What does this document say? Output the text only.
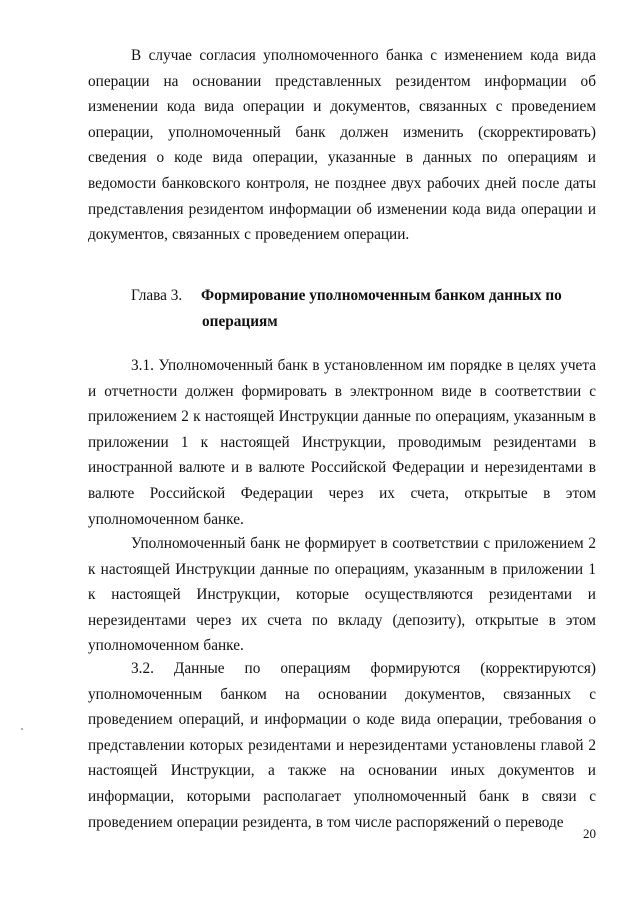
В случае согласия уполномоченного банка с изменением кода вида операции на основании представленных резидентом информации об изменении кода вида операции и документов, связанных с проведением операции, уполномоченный банк должен изменить (скорректировать) сведения о коде вида операции, указанные в данных по операциям и ведомости банковского контроля, не позднее двух рабочих дней после даты представления резидентом информации об изменении кода вида операции и документов, связанных с проведением операции.

Глава 3. Формирование уполномоченным банком данных по
операциям

3.1. Уполномоченный банк в установленном им порядке в целях учета и отчетности должен формировать в электронном виде в соответствии с приложением 2 к настоящей Инструкции данные по операциям, указанным в приложении 1 к настоящей Инструкции, проводимым резидентами в иностранной валюте и в валюте Российской Федерации и нерезидентами в валюте Российской Федерации через их счета, открытые в этом уполномоченном банке.

Уполномоченный банк не формирует в соответствии с приложением 2 к настоящей Инструкции данные по операциям, указанным в приложении 1 к настоящей Инструкции, которые осуществляются резидентами и нерезидентами через их счета по вкладу (депозиту), открытые в этом уполномоченном банке.

3.2. Данные по операциям формируются (корректируются) уполномоченным банком на основании документов, связанных с проведением операций, и информации о коде вида операции, требования о представлении которых резидентами и нерезидентами установлены главой 2 настоящей Инструкции, а также на основании иных документов и информации, которыми располагает уполномоченный банк в связи с проведением операции резидента, в том числе распоряжений о переводе

20
